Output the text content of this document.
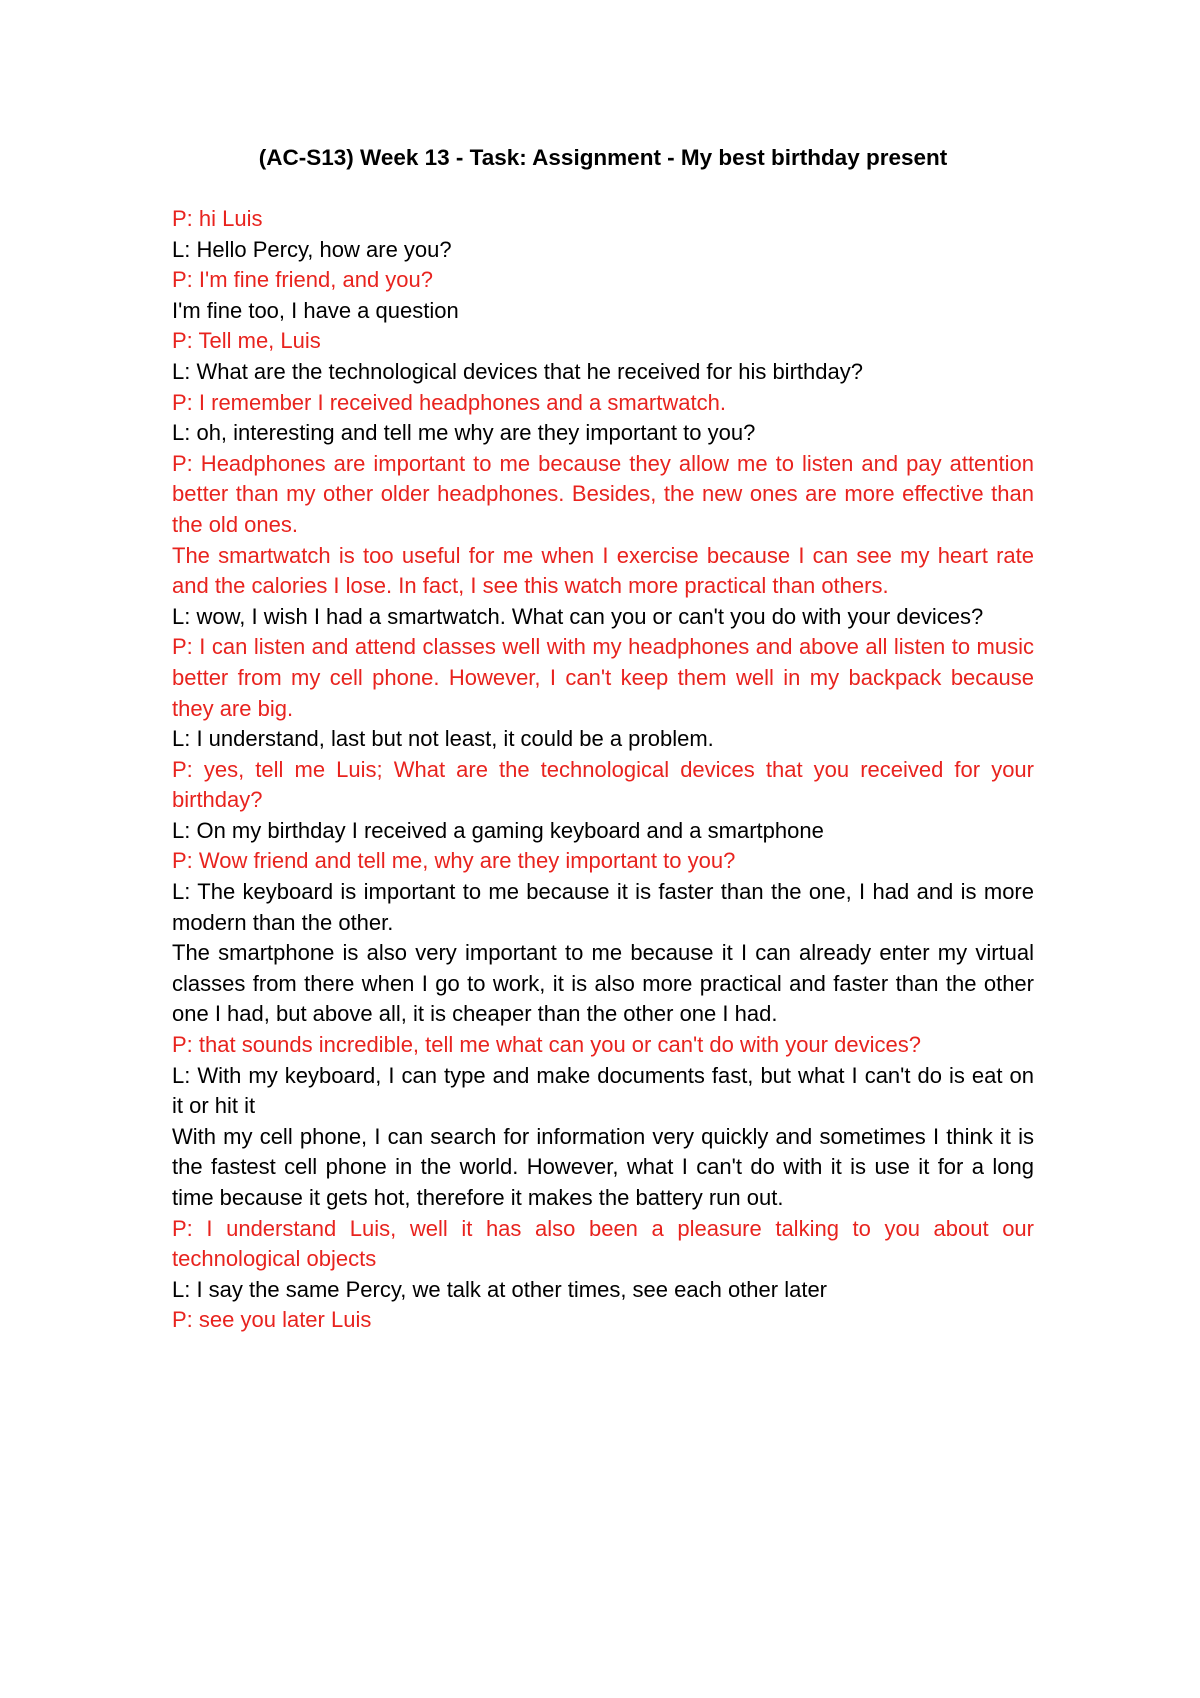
(AC-S13) Week 13 - Task: Assignment - My best birthday present

P: hi Luis

L: Hello Percy, how are you?

P: I'm fine friend, and you?

I'm fine too, I have a question

P: Tell me, Luis

L: What are the technological devices that he received for his birthday?

P: I remember I received headphones and a smartwatch.

L: oh, interesting and tell me why are they important to you?

P: Headphones are important to me because they allow me to listen and pay attention better than my other older headphones. Besides, the new ones are more effective than the old ones.

The smartwatch is too useful for me when I exercise because I can see my heart rate and the calories I lose. In fact, I see this watch more practical than others.

L: wow, I wish I had a smartwatch. What can you or can't you do with your devices?

P: I can listen and attend classes well with my headphones and above all listen to music better from my cell phone. However, I can't keep them well in my backpack because they are big.

L: I understand, last but not least, it could be a problem.

P: yes, tell me Luis; What are the technological devices that you received for your birthday?

L: On my birthday I received a gaming keyboard and a smartphone

P: Wow friend and tell me, why are they important to you?

L: The keyboard is important to me because it is faster than the one, I had and is more modern than the other.

The smartphone is also very important to me because it I can already enter my virtual classes from there when I go to work, it is also more practical and faster than the other one I had, but above all, it is cheaper than the other one I had.

P: that sounds incredible, tell me what can you or can't do with your devices?

L: With my keyboard, I can type and make documents fast, but what I can't do is eat on it or hit it

With my cell phone, I can search for information very quickly and sometimes I think it is the fastest cell phone in the world. However, what I can't do with it is use it for a long time because it gets hot, therefore it makes the battery run out.

P: I understand Luis, well it has also been a pleasure talking to you about our technological objects

L: I say the same Percy, we talk at other times, see each other later

P: see you later Luis
